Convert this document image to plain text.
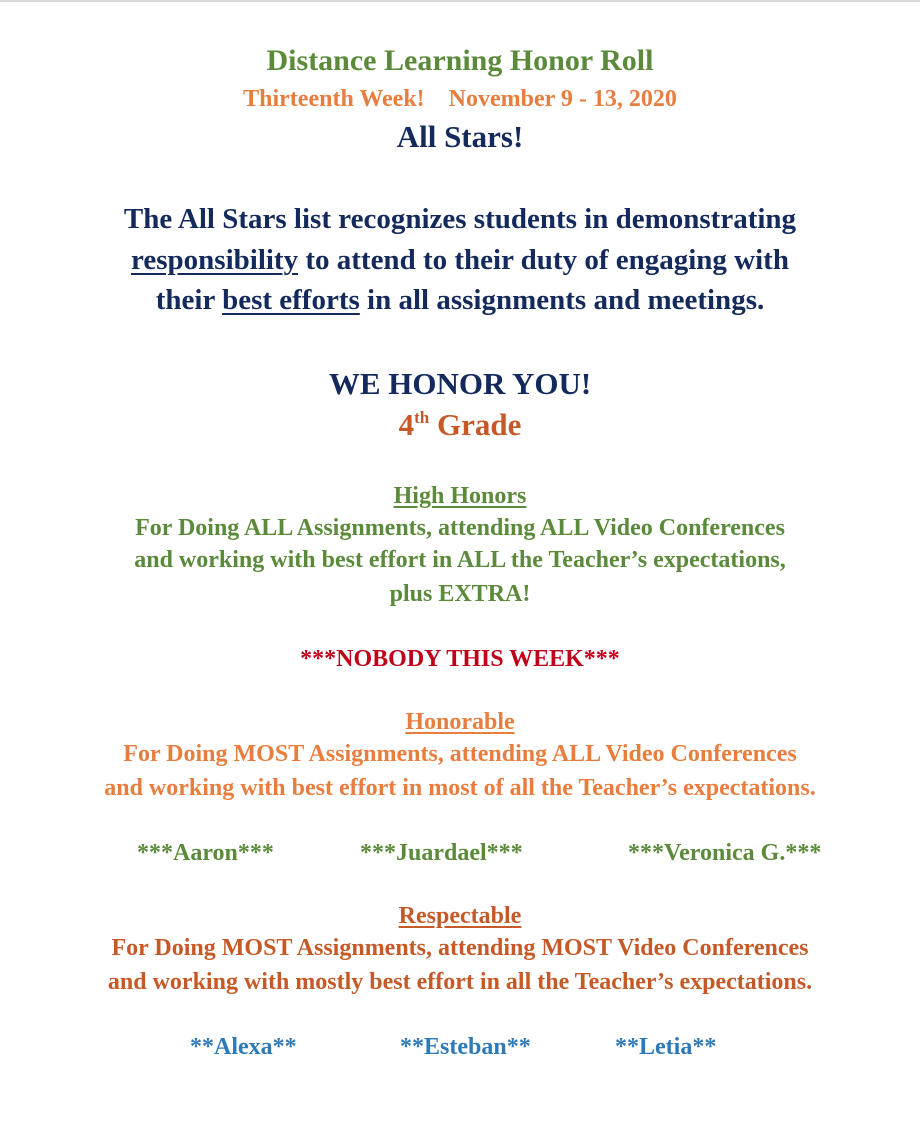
Distance Learning Honor Roll
Thirteenth Week! November 9 - 13, 2020
All Stars!
The All Stars list recognizes students in demonstrating
responsibility to attend to their duty of engaging with
their best efforts in all assignments and meetings.
WE HONOR YOU!
4th Grade
High Honors
For Doing ALL Assignments, attending ALL Video Conferences
and working with best effort in ALL the Teacher’s expectations,
plus EXTRA!
***NOBODY THIS WEEK***
Honorable
For Doing MOST Assignments, attending ALL Video Conferences
and working with best effort in most of all the Teacher’s expectations.
***Aaron***	***Juardael***	***Veronica G.***
Respectable
For Doing MOST Assignments, attending MOST Video Conferences
and working with mostly best effort in all the Teacher’s expectations.
**Alexa**	**Esteban**	**Letia**
